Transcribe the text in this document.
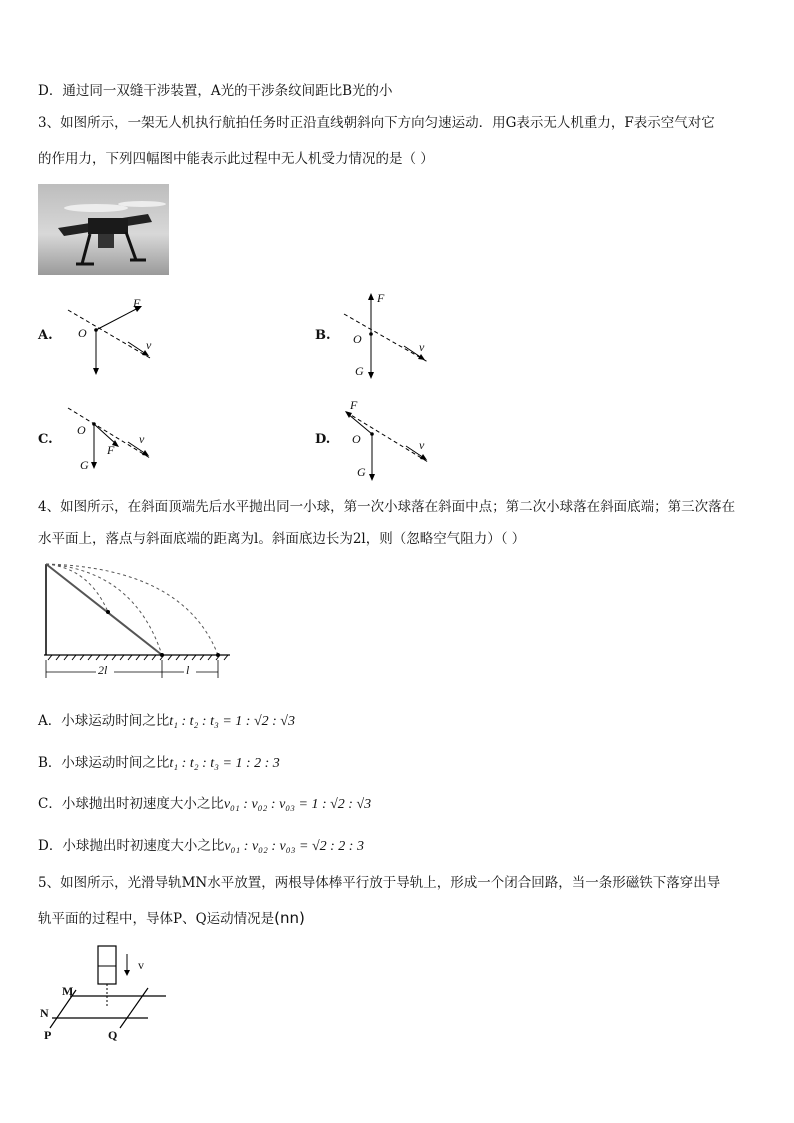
D．通过同一双缝干涉装置，A光的干涉条纹间距比B光的小
3、如图所示，一架无人机执行航拍任务时正沿直线朝斜向下方向匀速运动．用G表示无人机重力，F表示空气对它
的作用力，下列四幅图中能表示此过程中无人机受力情况的是（ ）
A.
F
O
v
B.
F
O
v
G
C.
O
F
v
G
D.
F
O	v
G
4、如图所示，在斜面顶端先后水平抛出同一小球，第一次小球落在斜面中点；第二次小球落在斜面底端；第三次落在
水平面上，落点与斜面底端的距离为l。斜面底边长为2l，则（忽略空气阻力）（ ）
2l	l
A．小球运动时间之比t₁ : t₂ : t₃ = 1 : √2 : √3
B．小球运动时间之比t₁ : t₂ : t₃ = 1 : 2 : 3
C．小球抛出时初速度大小之比v₀₁ : v₀₂ : v₀₃ = 1 : √2 : √3
D．小球抛出时初速度大小之比v₀₁ : v₀₂ : v₀₃ = √2 : 2 : 3
5、如图所示，光滑导轨MN水平放置，两根导体棒平行放于导轨上，形成一个闭合回路，当一条形磁铁下落穿出导
轨平面的过程中，导体P、Q运动情况是(nn)
v
M
N
P	Q
